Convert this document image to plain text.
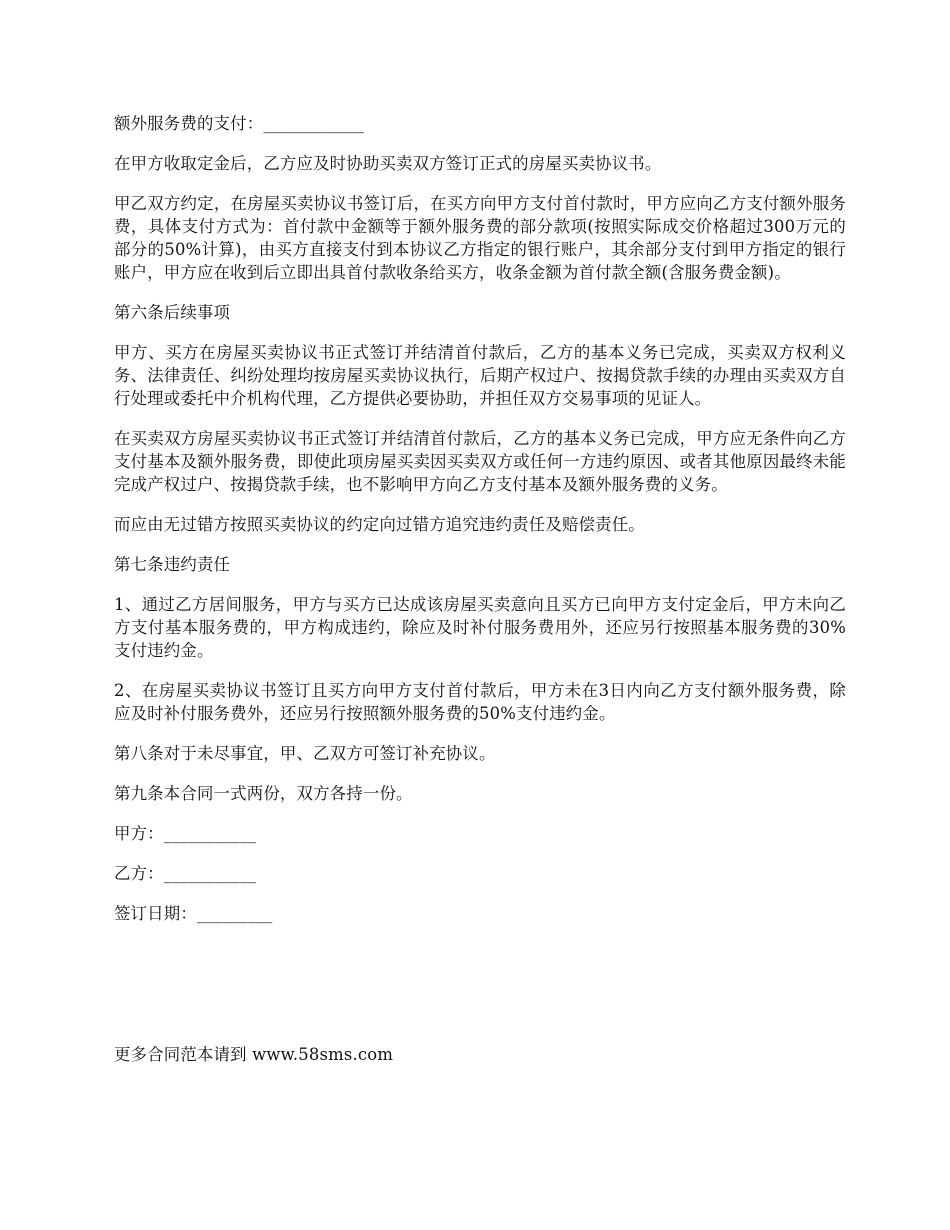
额外服务费的支付：____________

在甲方收取定金后，乙方应及时协助买卖双方签订正式的房屋买卖协议书。

甲乙双方约定，在房屋买卖协议书签订后，在买方向甲方支付首付款时，甲方应向乙方支付额外服务费，具体支付方式为：首付款中金额等于额外服务费的部分款项(按照实际成交价格超过300万元的部分的50%计算)，由买方直接支付到本协议乙方指定的银行账户，其余部分支付到甲方指定的银行账户，甲方应在收到后立即出具首付款收条给买方，收条金额为首付款全额(含服务费金额)。

第六条后续事项

甲方、买方在房屋买卖协议书正式签订并结清首付款后，乙方的基本义务已完成，买卖双方权利义务、法律责任、纠纷处理均按房屋买卖协议执行，后期产权过户、按揭贷款手续的办理由买卖双方自行处理或委托中介机构代理，乙方提供必要协助，并担任双方交易事项的见证人。

在买卖双方房屋买卖协议书正式签订并结清首付款后，乙方的基本义务已完成，甲方应无条件向乙方支付基本及额外服务费，即使此项房屋买卖因买卖双方或任何一方违约原因、或者其他原因最终未能完成产权过户、按揭贷款手续，也不影响甲方向乙方支付基本及额外服务费的义务。

而应由无过错方按照买卖协议的约定向过错方追究违约责任及赔偿责任。

第七条违约责任

1、通过乙方居间服务，甲方与买方已达成该房屋买卖意向且买方已向甲方支付定金后，甲方未向乙方支付基本服务费的，甲方构成违约，除应及时补付服务费用外，还应另行按照基本服务费的30%支付违约金。

2、在房屋买卖协议书签订且买方向甲方支付首付款后，甲方未在3日内向乙方支付额外服务费，除应及时补付服务费外，还应另行按照额外服务费的50%支付违约金。

第八条对于未尽事宜，甲、乙双方可签订补充协议。

第九条本合同一式两份，双方各持一份。

甲方：___________

乙方：___________

签订日期：_________

更多合同范本请到 www.58sms.com
